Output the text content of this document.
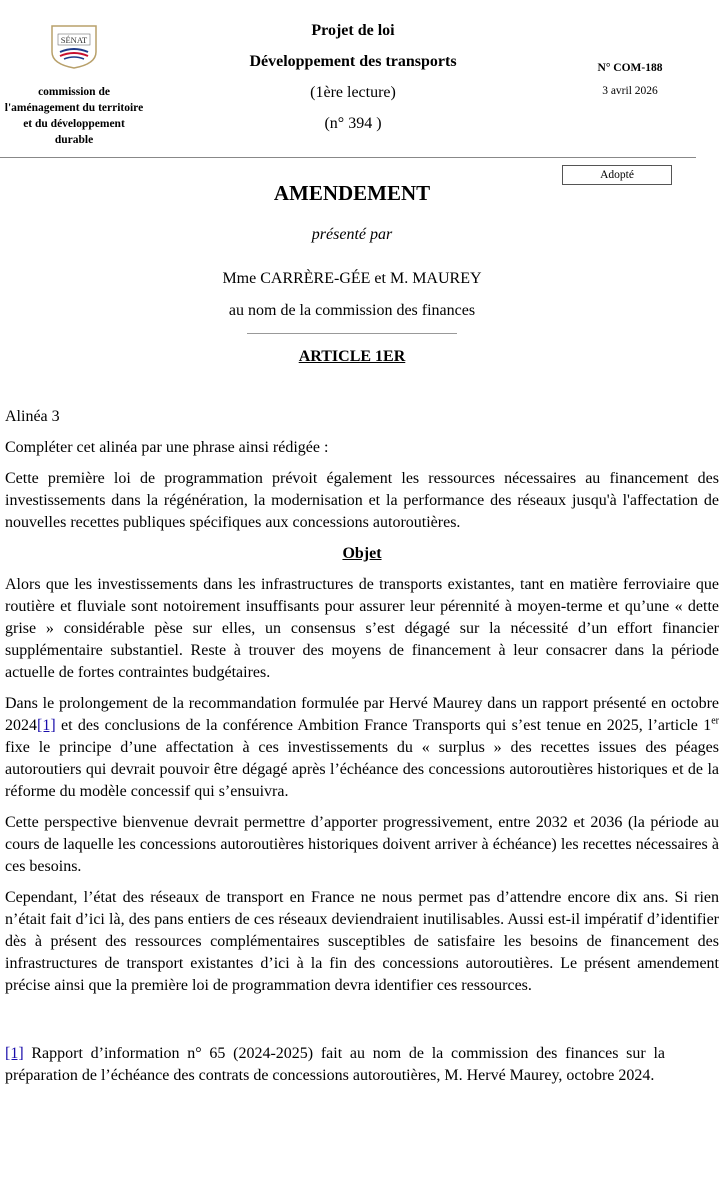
SÉNAT
commission de
l'aménagement du territoire
et du développement
durable
Projet de loi
Développement des transports
(1ère lecture)
(n° 394 )
N° COM-188
3 avril 2026
Adopté
AMENDEMENT
présenté par
Mme CARRÈRE-GÉE et M. MAUREY
au nom de la commission des finances
ARTICLE 1ER

Alinéa 3

Compléter cet alinéa par une phrase ainsi rédigée :

Cette première loi de programmation prévoit également les ressources nécessaires au financement des investissements dans la régénération, la modernisation et la performance des réseaux jusqu'à l'affectation de nouvelles recettes publiques spécifiques aux concessions autoroutières.

Objet

Alors que les investissements dans les infrastructures de transports existantes, tant en matière ferroviaire que routière et fluviale sont notoirement insuffisants pour assurer leur pérennité à moyen-terme et qu’une « dette grise » considérable pèse sur elles, un consensus s’est dégagé sur la nécessité d’un effort financier supplémentaire substantiel. Reste à trouver des moyens de financement à leur consacrer dans la période actuelle de fortes contraintes budgétaires.

Dans le prolongement de la recommandation formulée par Hervé Maurey dans un rapport présenté en octobre 2024[1] et des conclusions de la conférence Ambition France Transports qui s’est tenue en 2025, l’article 1er fixe le principe d’une affectation à ces investissements du « surplus » des recettes issues des péages autoroutiers qui devrait pouvoir être dégagé après l’échéance des concessions autoroutières historiques et de la réforme du modèle concessif qui s’ensuivra.

Cette perspective bienvenue devrait permettre d’apporter progressivement, entre 2032 et 2036 (la période au cours de laquelle les concessions autoroutières historiques doivent arriver à échéance) les recettes nécessaires à ces besoins.

Cependant, l’état des réseaux de transport en France ne nous permet pas d’attendre encore dix ans. Si rien n’était fait d’ici là, des pans entiers de ces réseaux deviendraient inutilisables. Aussi est-il impératif d’identifier dès à présent des ressources complémentaires susceptibles de satisfaire les besoins de financement des infrastructures de transport existantes d’ici à la fin des concessions autoroutières. Le présent amendement précise ainsi que la première loi de programmation devra identifier ces ressources.

[1] Rapport d’information n° 65 (2024-2025) fait au nom de la commission des finances sur la préparation de l’échéance des contrats de concessions autoroutières, M. Hervé Maurey, octobre 2024.
